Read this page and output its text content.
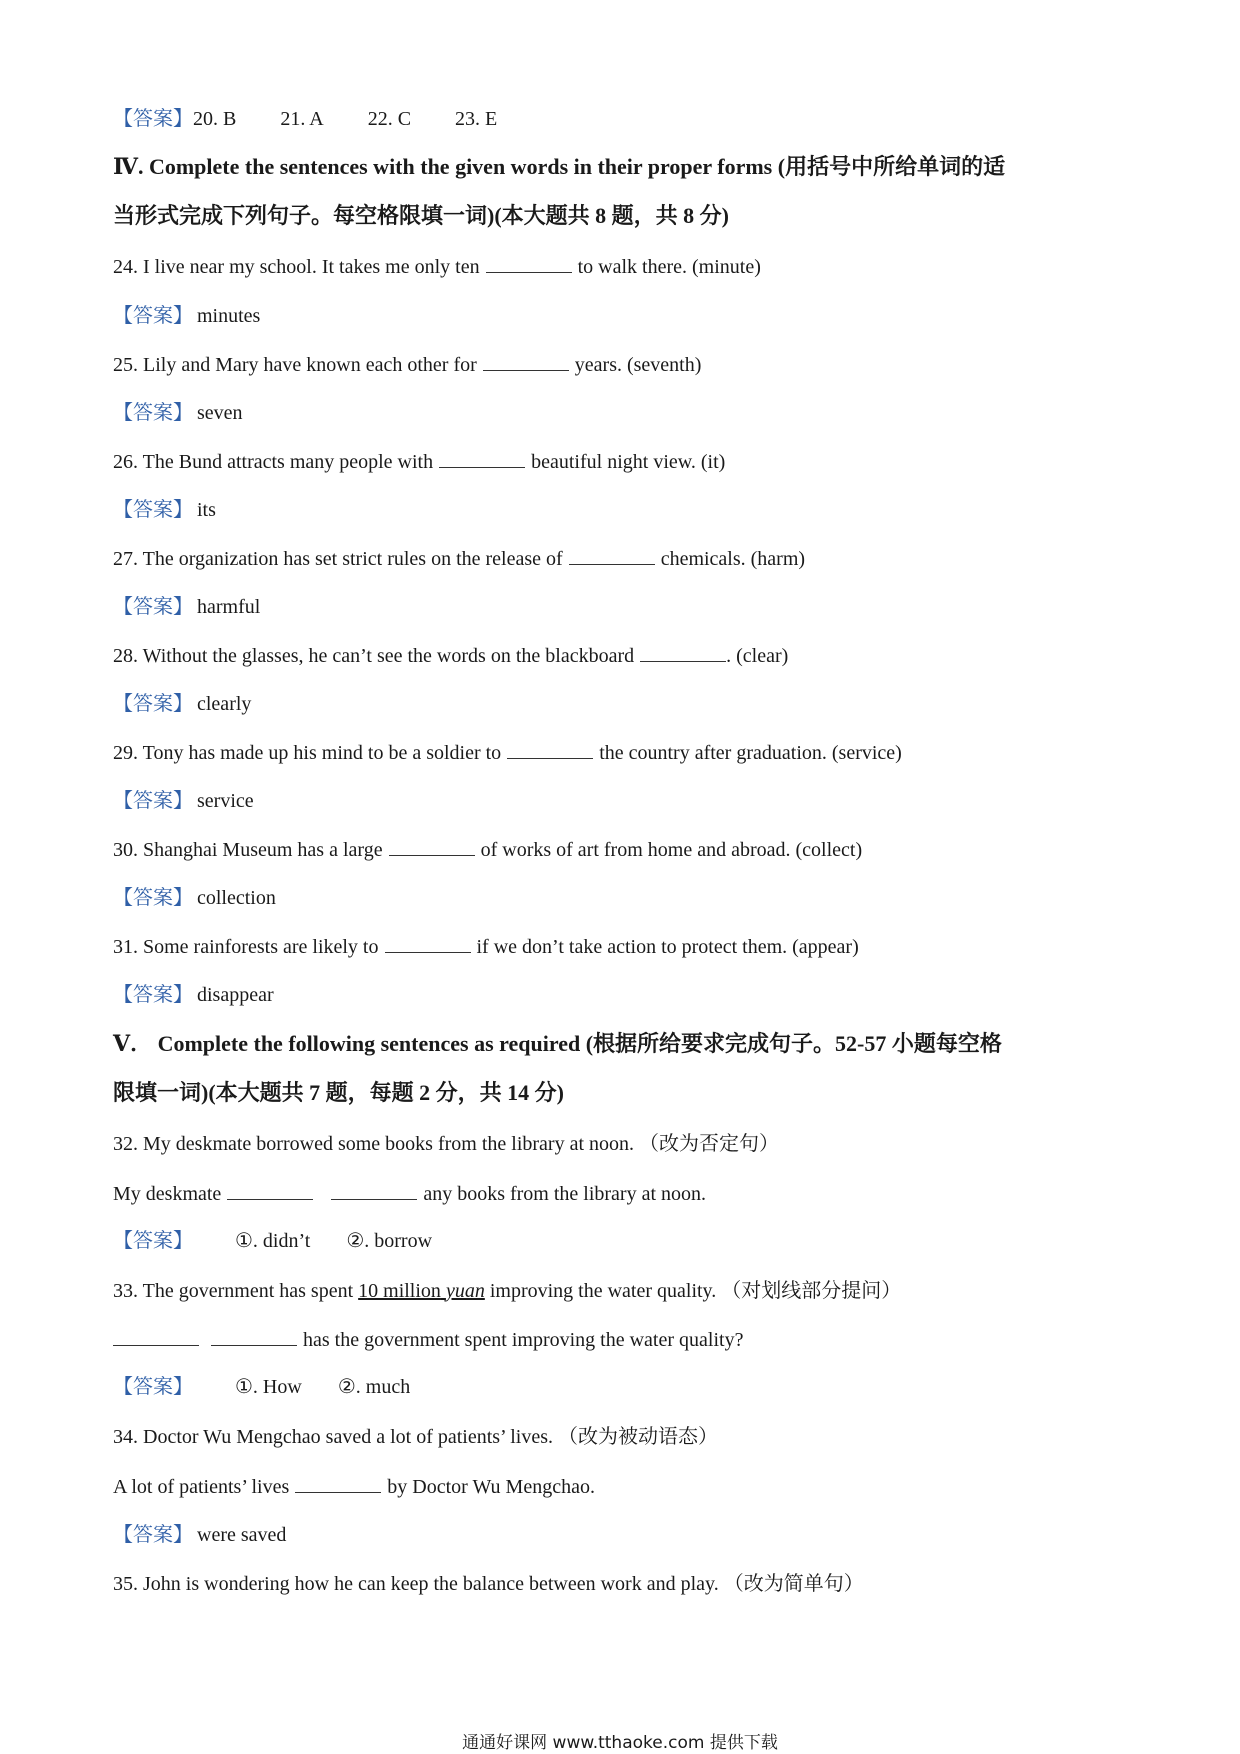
【答案】20. B 21. A 22. C 23. E
Ⅳ. Complete the sentences with the given words in their proper forms (用括号中所给单词的适
当形式完成下列句子。每空格限填一词)(本大题共 8 题，共 8 分)
24. I live near my school. It takes me only ten	to walk there. (minute)
【答案】 minutes
25. Lily and Mary have known each other for	years. (seventh)
【答案】 seven
26. The Bund attracts many people with	beautiful night view. (it)
【答案】 its
27. The organization has set strict rules on the release of	chemicals. (harm)
【答案】 harmful
28. Without the glasses, he can’t see the words on the blackboard	. (clear)
【答案】 clearly
29. Tony has made up his mind to be a soldier to	the country after graduation. (service)
【答案】 service
30. Shanghai Museum has a large	of works of art from home and abroad. (collect)
【答案】 collection
31. Some rainforests are likely to	if we don’t take action to protect them. (appear)
【答案】 disappear
Ⅴ． Complete the following sentences as required (根据所给要求完成句子。52-57 小题每空格
限填一词)(本大题共 7 题，每题 2 分，共 14 分)
32. My deskmate borrowed some books from the library at noon. （改为否定句）
My deskmate	any books from the library at noon.
【答案】 ①. didn’t ②. borrow
33. The government has spent 10 million yuan improving the water quality. （对划线部分提问）
has the government spent improving the water quality?
【答案】 ①. How ②. much
34. Doctor Wu Mengchao saved a lot of patients’ lives. （改为被动语态）
A lot of patients’ lives	by Doctor Wu Mengchao.
【答案】 were saved
35. John is wondering how he can keep the balance between work and play. （改为简单句）
通通好课网 www.tthaoke.com 提供下载
